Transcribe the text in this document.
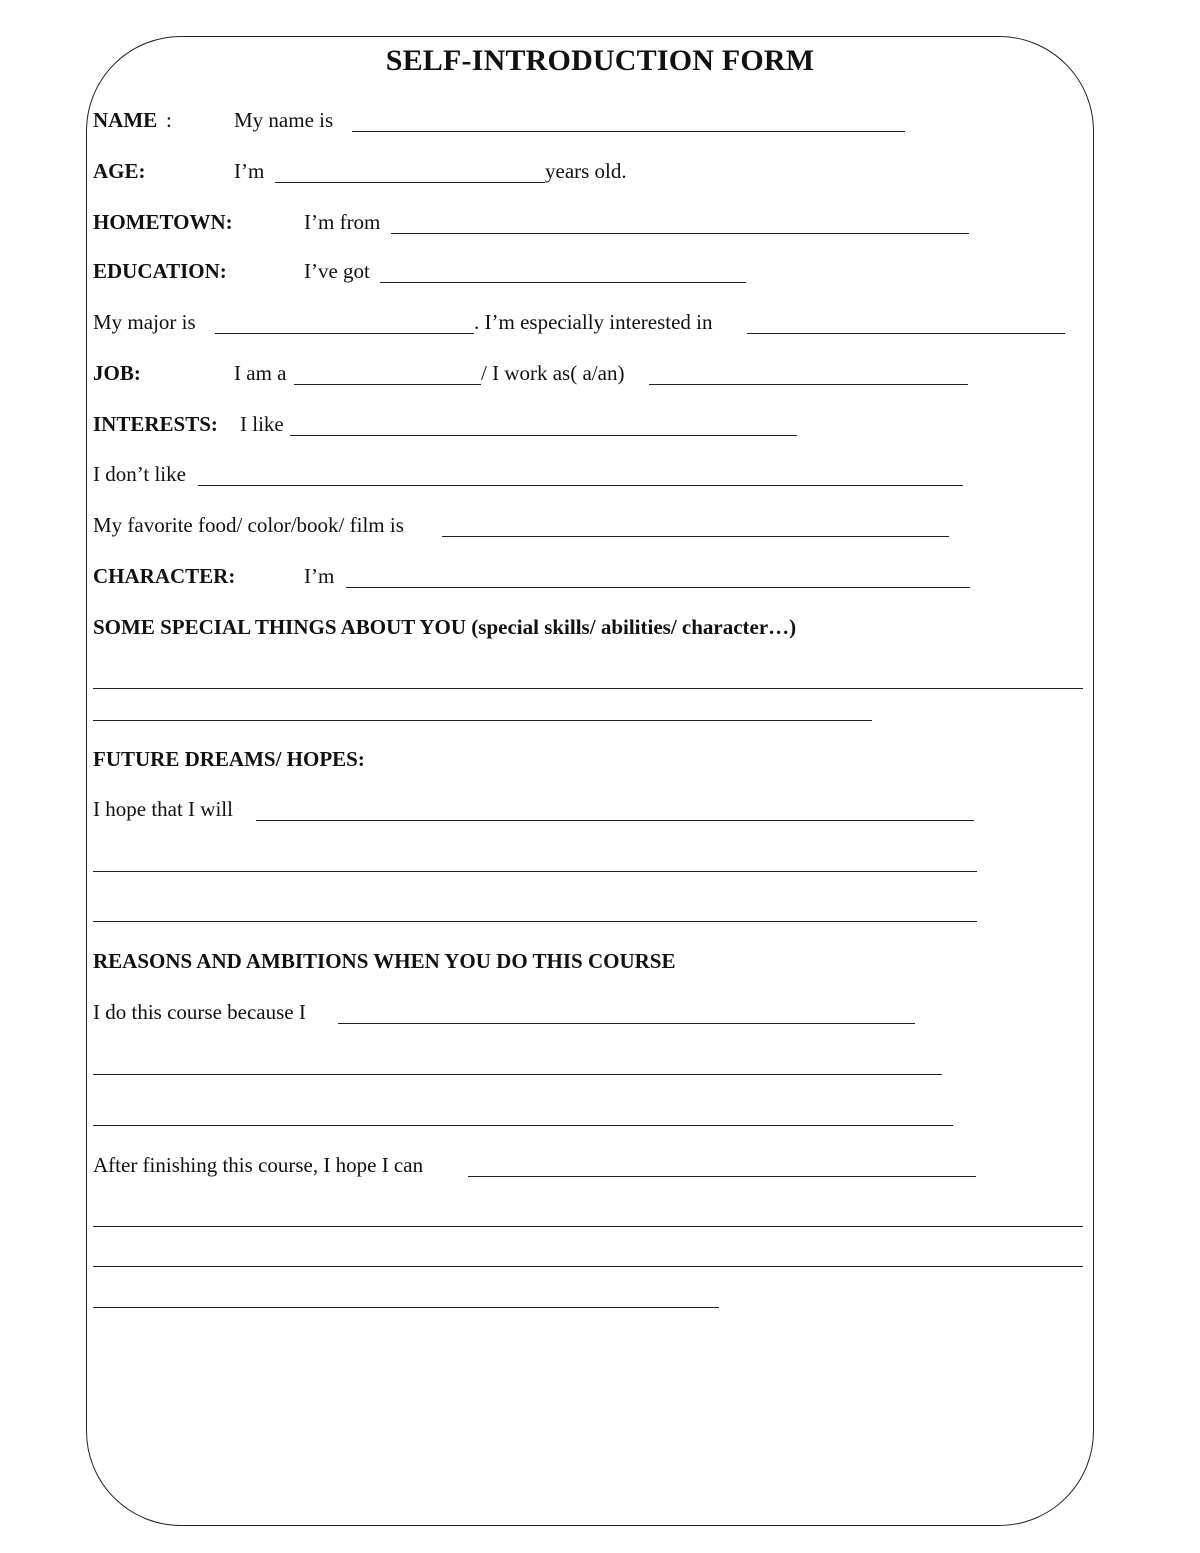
SELF-INTRODUCTION FORM
NAME :	My name is
AGE:	I’m	years old.
HOMETOWN:	I’m from
EDUCATION:	I’ve got
My major is	. I’m especially interested in
JOB:	I am a	/ I work as( a/an)
INTERESTS: I like
I don’t like
My favorite food/ color/book/ film is
CHARACTER:	I’m
SOME SPECIAL THINGS ABOUT YOU (special skills/ abilities/ character…)
FUTURE DREAMS/ HOPES:
I hope that I will
REASONS AND AMBITIONS WHEN YOU DO THIS COURSE
I do this course because I
After finishing this course, I hope I can
